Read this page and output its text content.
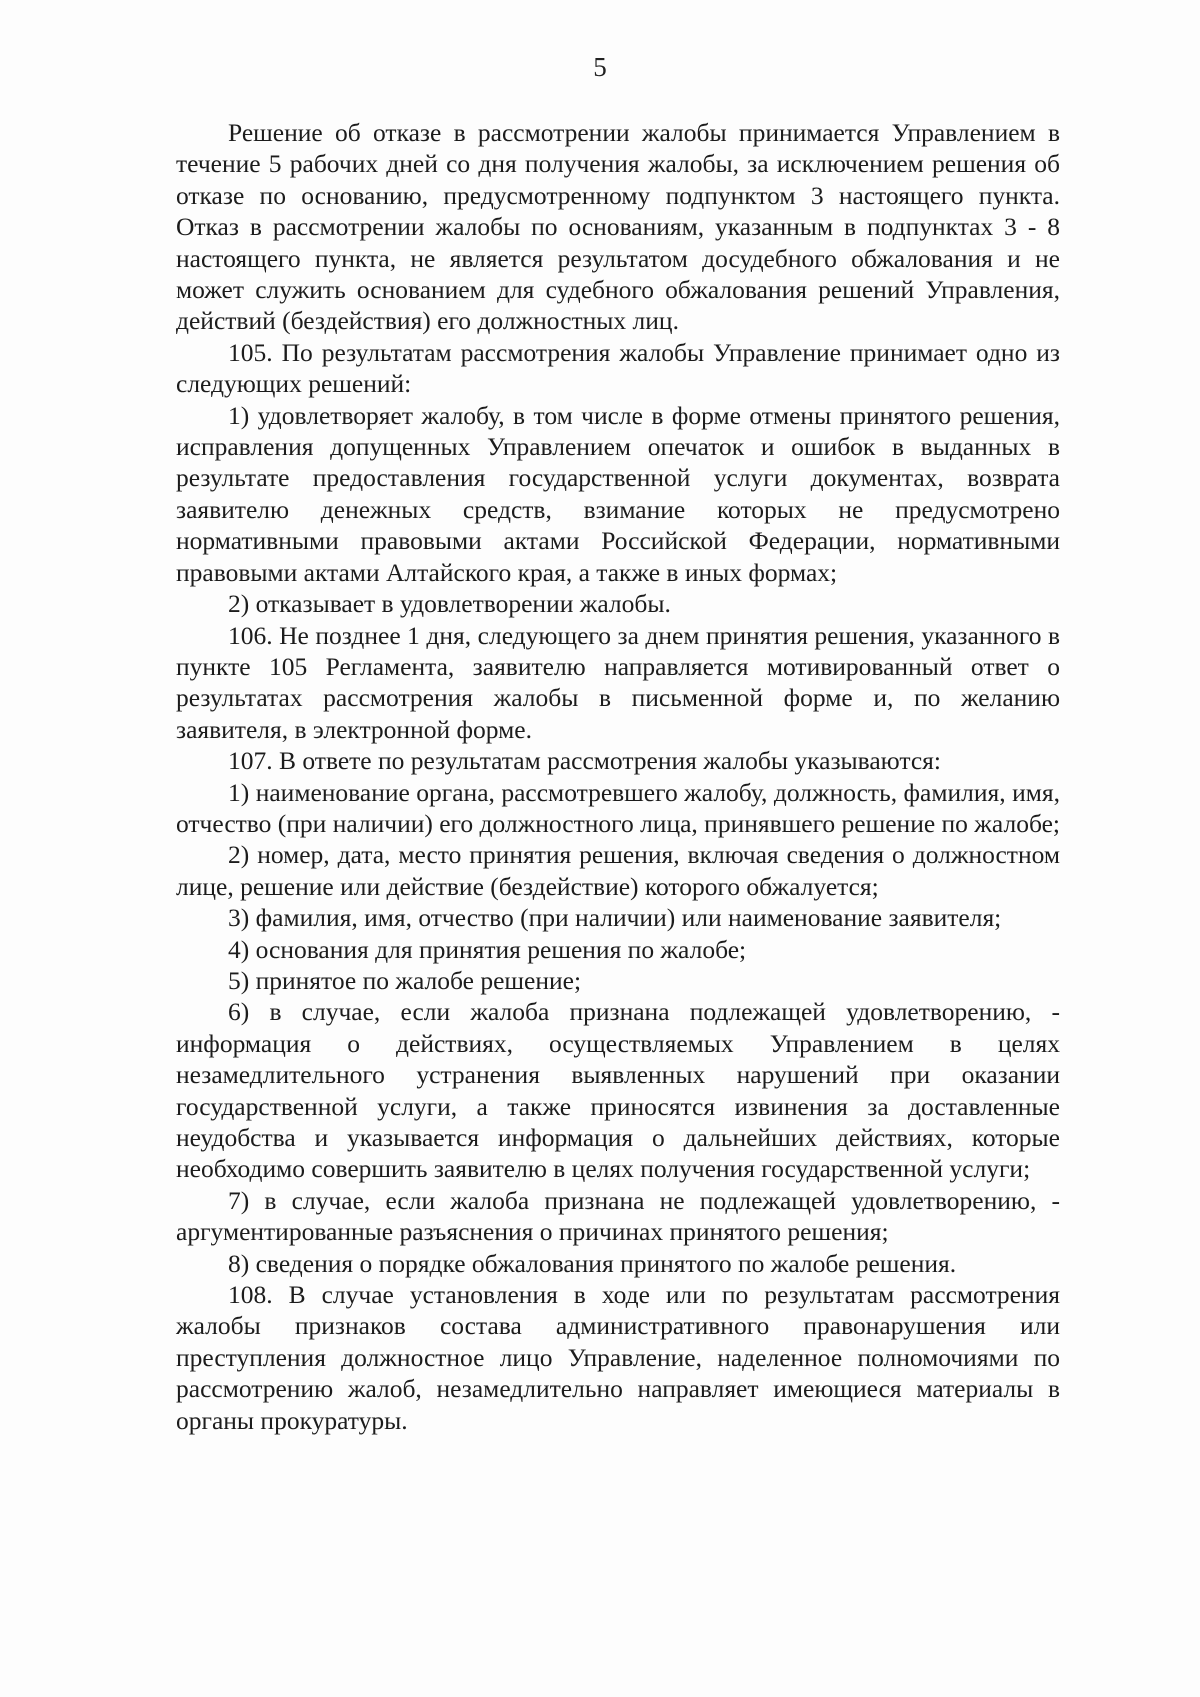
5

Решение об отказе в рассмотрении жалобы принимается Управлением в течение 5 рабочих дней со дня получения жалобы, за исключением решения об отказе по основанию, предусмотренному подпунктом 3 настоящего пункта. Отказ в рассмотрении жалобы по основаниям, указанным в подпунктах 3 - 8 настоящего пункта, не является результатом досудебного обжалования и не может служить основанием для судебного обжалования решений Управления, действий (бездействия) его должностных лиц.

105. По результатам рассмотрения жалобы Управление принимает одно из следующих решений:

1) удовлетворяет жалобу, в том числе в форме отмены принятого решения, исправления допущенных Управлением опечаток и ошибок в выданных в результате предоставления государственной услуги документах, возврата заявителю денежных средств, взимание которых не предусмотрено нормативными правовыми актами Российской Федерации, нормативными правовыми актами Алтайского края, а также в иных формах;

2) отказывает в удовлетворении жалобы.

106. Не позднее 1 дня, следующего за днем принятия решения, указанного в пункте 105 Регламента, заявителю направляется мотивированный ответ о результатах рассмотрения жалобы в письменной форме и, по желанию заявителя, в электронной форме.

107. В ответе по результатам рассмотрения жалобы указываются:

1) наименование органа, рассмотревшего жалобу, должность, фамилия, имя, отчество (при наличии) его должностного лица, принявшего решение по жалобе;

2) номер, дата, место принятия решения, включая сведения о должностном лице, решение или действие (бездействие) которого обжалуется;

3) фамилия, имя, отчество (при наличии) или наименование заявителя;

4) основания для принятия решения по жалобе;

5) принятое по жалобе решение;

6) в случае, если жалоба признана подлежащей удовлетворению, - информация о действиях, осуществляемых Управлением в целях незамедлительного устранения выявленных нарушений при оказании государственной услуги, а также приносятся извинения за доставленные неудобства и указывается информация о дальнейших действиях, которые необходимо совершить заявителю в целях получения государственной услуги;

7) в случае, если жалоба признана не подлежащей удовлетворению, - аргументированные разъяснения о причинах принятого решения;

8) сведения о порядке обжалования принятого по жалобе решения.

108. В случае установления в ходе или по результатам рассмотрения жалобы признаков состава административного правонарушения или преступления должностное лицо Управление, наделенное полномочиями по рассмотрению жалоб, незамедлительно направляет имеющиеся материалы в органы прокуратуры.
